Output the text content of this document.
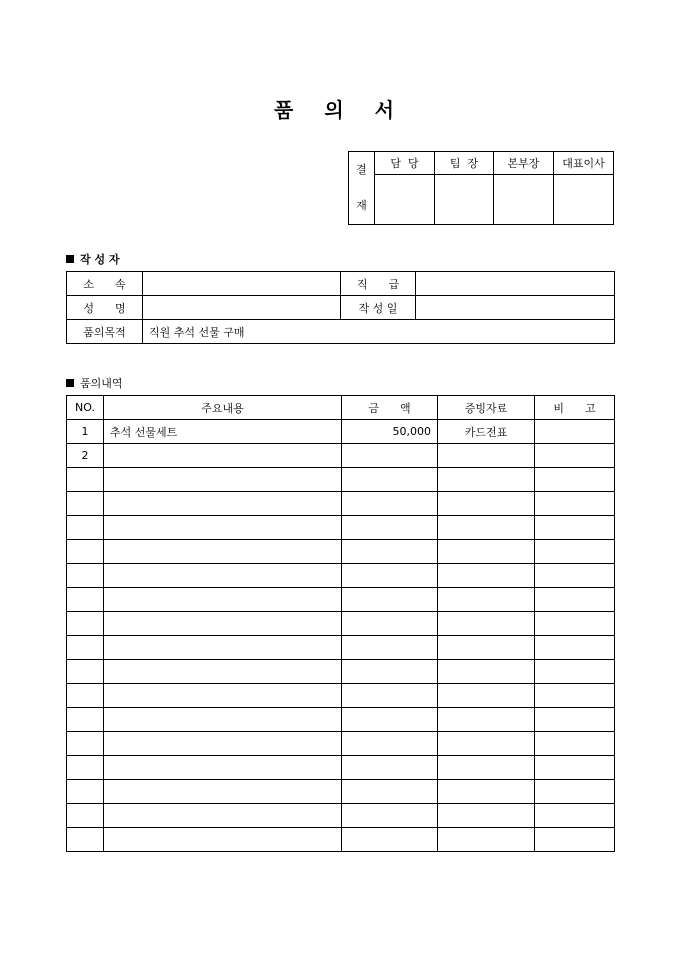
품 의 서
결
재	담  당	팀  장	본부장	대표이사

작 성 자
소      속		직      급	
성      명		작 성 일	
품의목적	직원 추석 선물 구매		
품의내역
NO.	주요내용	금      액	증빙자료	비      고
1	추석 선물세트	50,000	카드전표	
2				
